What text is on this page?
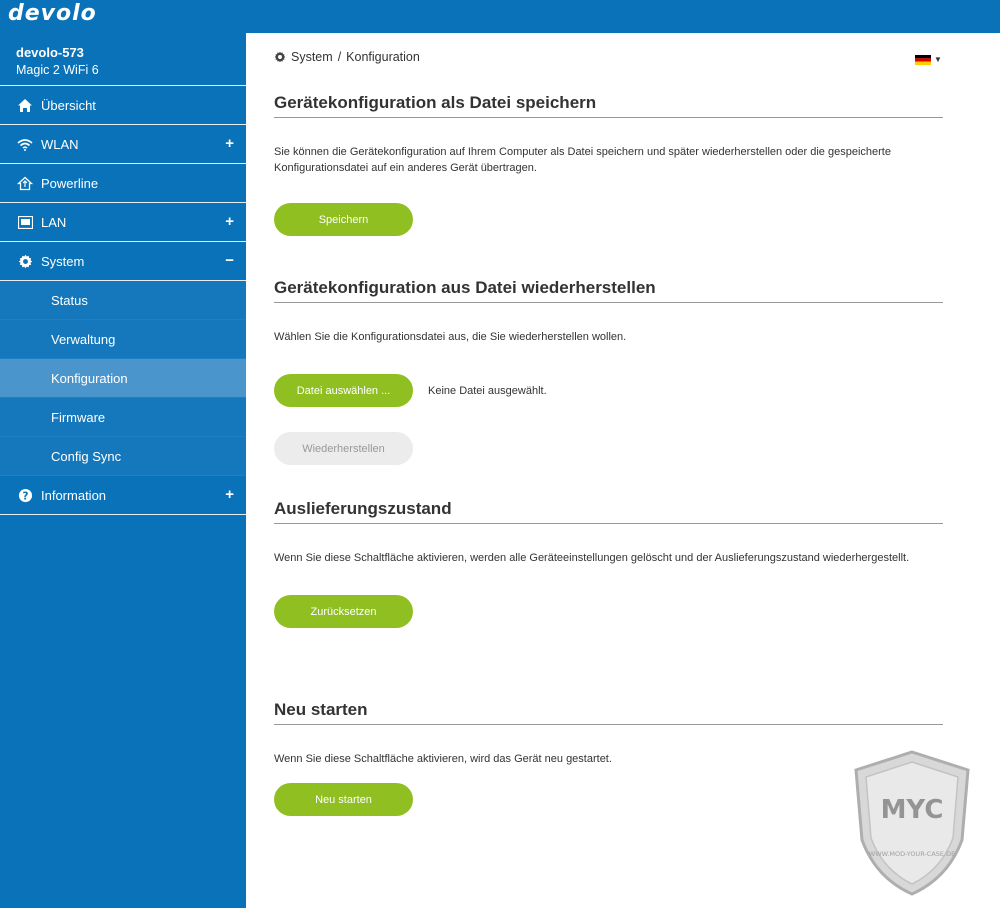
devolo
devolo-573
Magic 2 WiFi 6
Übersicht
WLAN	+
Powerline
LAN	+
System	−
Status
Verwaltung
Konfiguration
Firmware
Config Sync
? Information	+
System / Konfiguration	▼
Gerätekonfiguration als Datei speichern
Sie können die Gerätekonfiguration auf Ihrem Computer als Datei speichern und später wiederherstellen oder die gespeicherte Konfigurationsdatei auf ein anderes Gerät übertragen.
Speichern
Gerätekonfiguration aus Datei wiederherstellen
Wählen Sie die Konfigurationsdatei aus, die Sie wiederherstellen wollen.
Datei auswählen ...	Keine Datei ausgewählt.
Wiederherstellen
Auslieferungszustand
Wenn Sie diese Schaltfläche aktivieren, werden alle Geräteeinstellungen gelöscht und der Auslieferungszustand wiederhergestellt.
Zurücksetzen
Neu starten
Wenn Sie diese Schaltfläche aktivieren, wird das Gerät neu gestartet.
Neu starten	MYC
WWW.MOD-YOUR-CASE.DE
